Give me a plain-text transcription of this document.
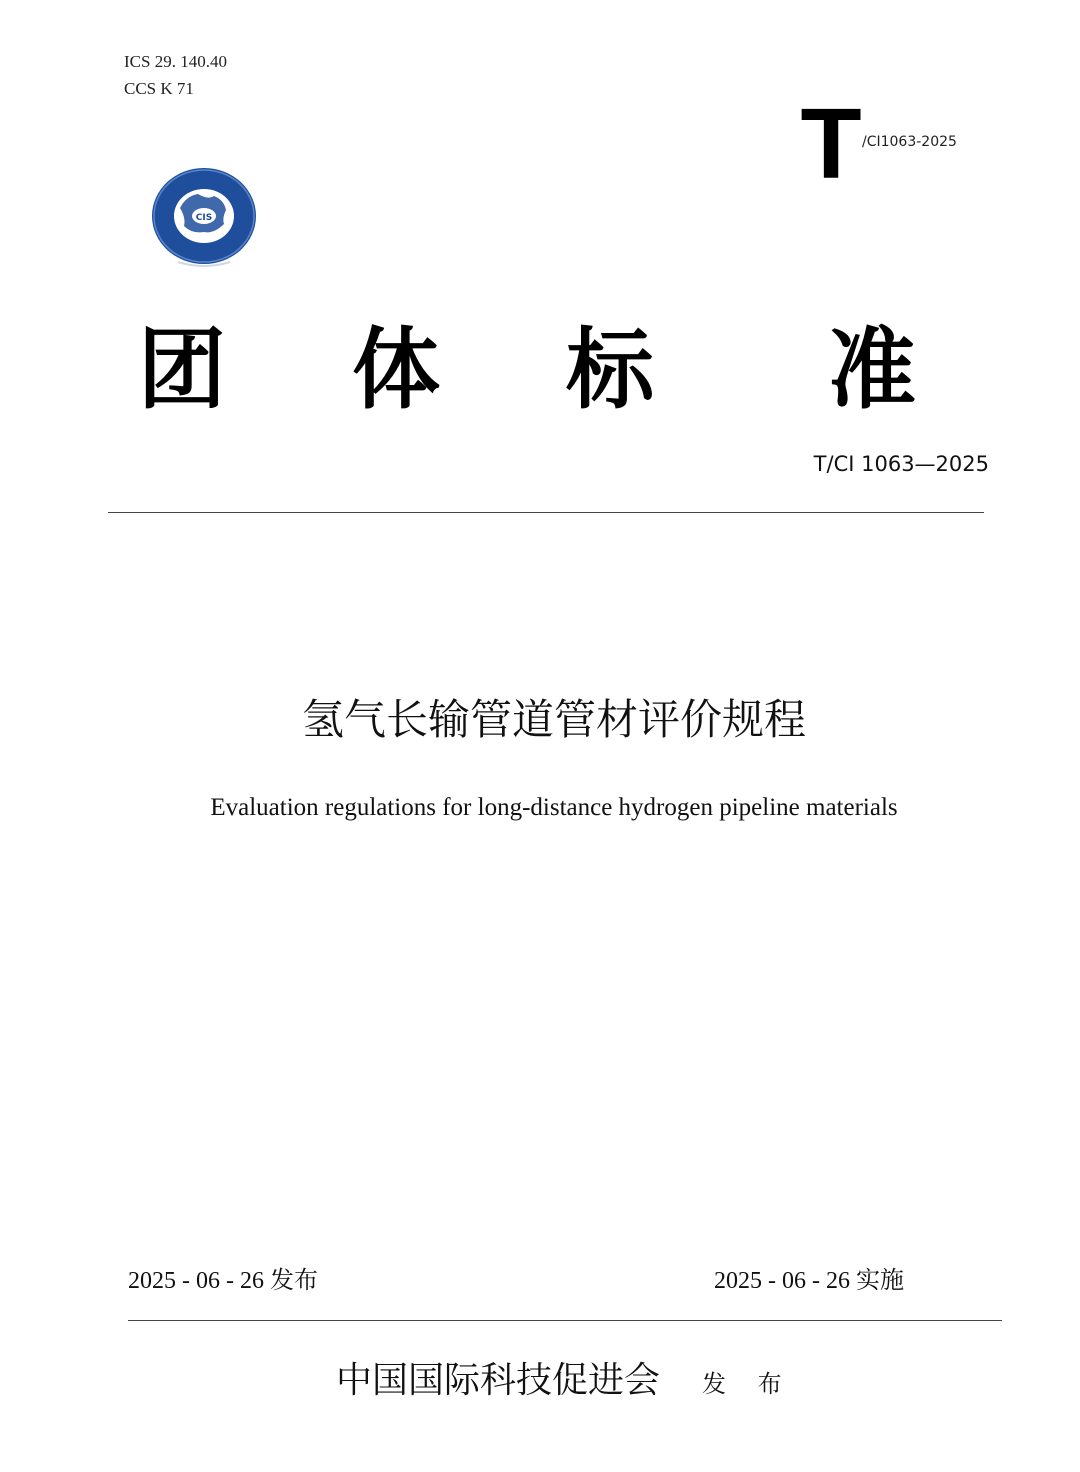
ICS 29. 140.40
CCS K 71	T /CI1063-2025
CIS
团 体 标 准
T/CI 1063—2025
氢气长输管道管材评价规程
Evaluation regulations for long-distance hydrogen pipeline materials
2025 - 06 - 26 发布	2025 - 06 - 26 实施
中国国际科技促进会 发 布
